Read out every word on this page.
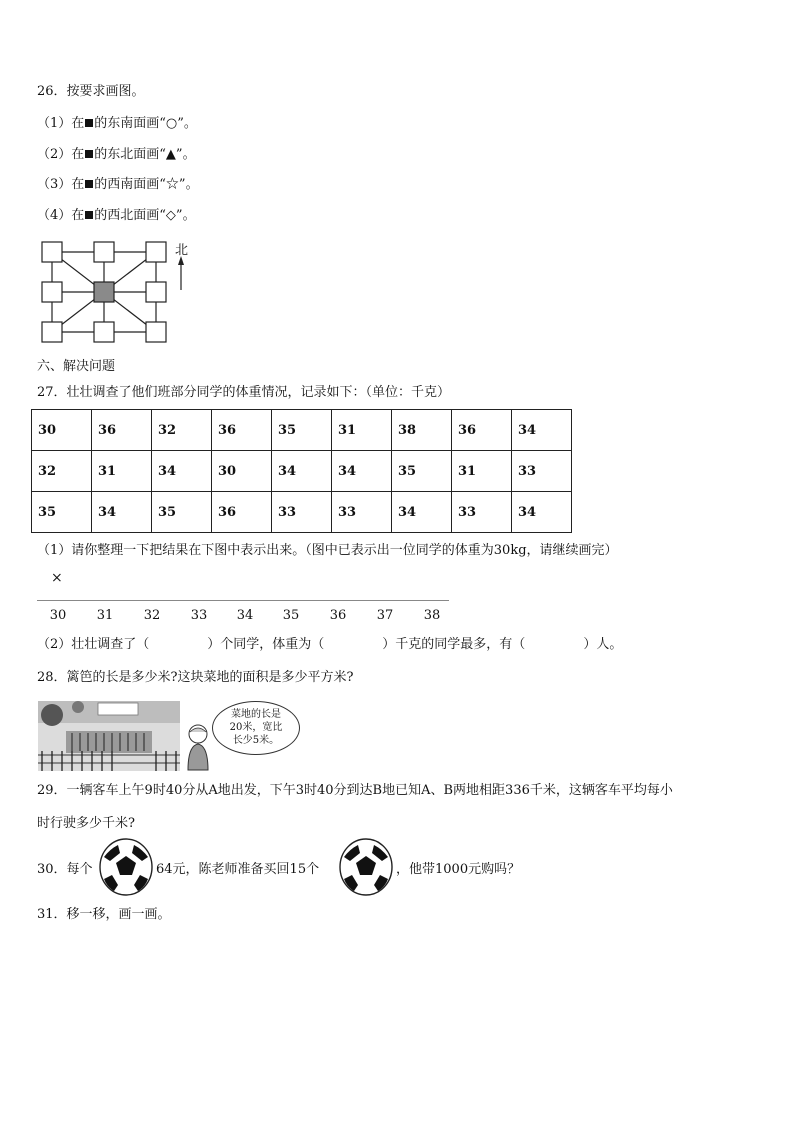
26．按要求画图。
（1）在 的东南面画“○”。
（2）在 的东北面画“▲”。
（3）在 的西南面画“☆”。
（4）在 的西北面画“◇”。
北
六、解决问题
27．壮壮调查了他们班部分同学的体重情况，记录如下：（单位：千克）
30	36	32	36	35	31	38	36	34
32	31	34	30	34	34	35	31	33
35	34	35	36	33	33	34	33	34
（1）请你整理一下把结果在下图中表示出来。（图中已表示出一位同学的体重为30kg，请继续画完）
×
30	31	32	33	34	35	36	37	38
（2）壮壮调查了（	）个同学，体重为（	）千克的同学最多，有（	）人。
28．篱笆的长是多少米?这块菜地的面积是多少平方米?
菜地的长是
20米，宽比
长少5米。
29．一辆客车上午9时40分从A地出发，下午3时40分到达B地已知A、B两地相距336千米，这辆客车平均每小
时行驶多少千米?
30．每个	64元，陈老师准备买回15个	，他带1000元购吗？
31．移一移，画一画。
